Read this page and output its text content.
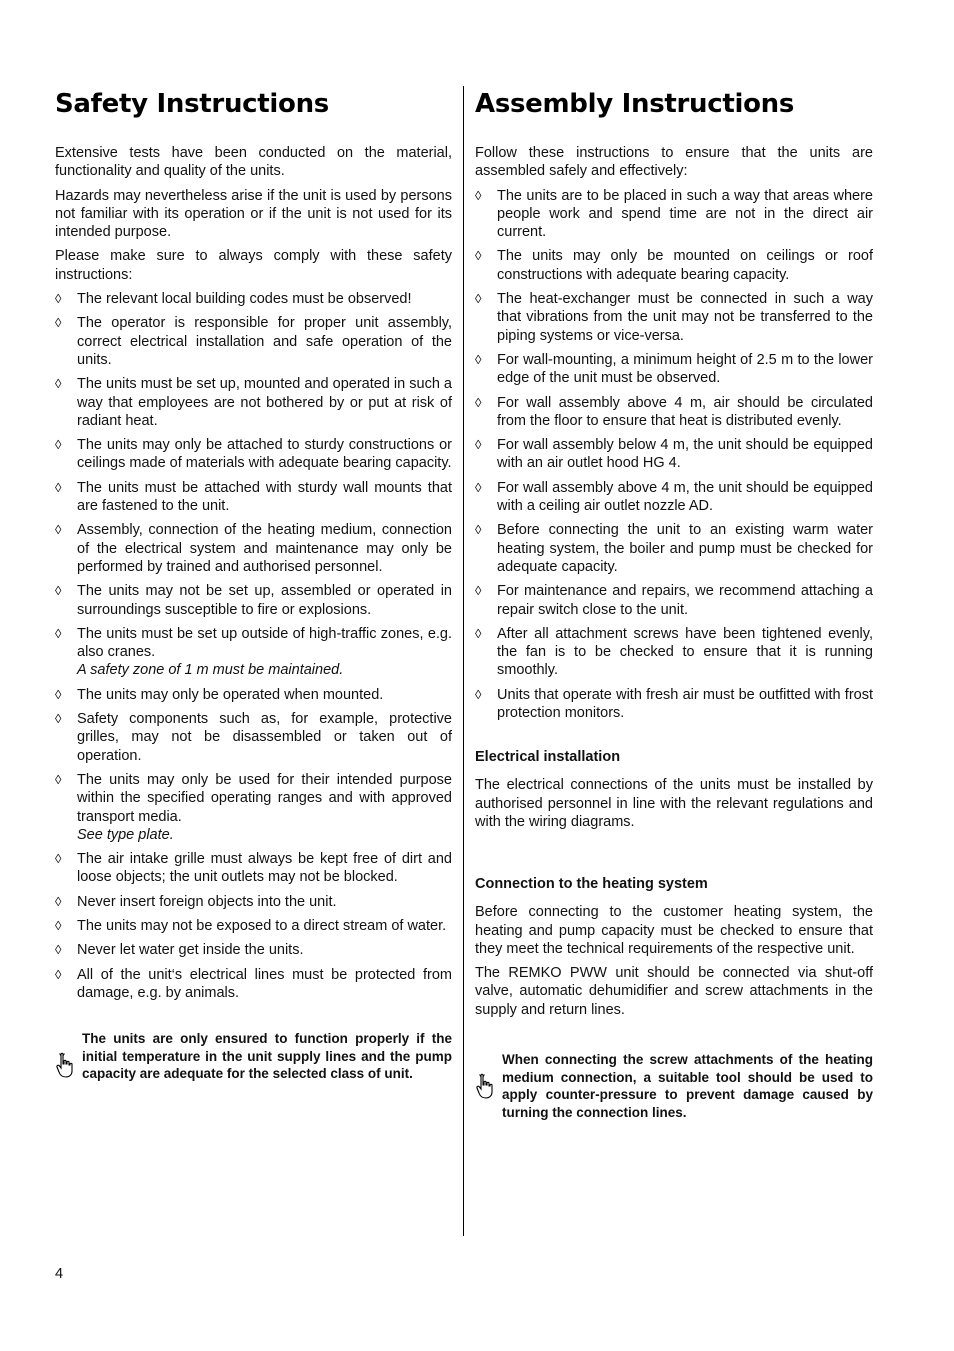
Safety Instructions

Extensive tests have been conducted on the material, functionality and quality of the units.

Hazards may nevertheless arise if the unit is used by persons not familiar with its operation or if the unit is not used for its intended purpose.

Please make sure to always comply with these safety instructions:

◊ The relevant local building codes must be observed!
◊ The operator is responsible for proper unit assembly, correct electrical installation and safe operation of the units.
◊ The units must be set up, mounted and operated in such a way that employees are not bothered by or put at risk of radiant heat.
◊ The units may only be attached to sturdy constructions or ceilings made of materials with adequate bearing capacity.
◊ The units must be attached with sturdy wall mounts that are fastened to the unit.
◊ Assembly, connection of the heating medium, connection of the electrical system and maintenance may only be performed by trained and authorised personnel.
◊ The units may not be set up, assembled or operated in surroundings susceptible to fire or explosions.
◊ The units must be set up outside of high-traffic zones, e.g. also cranes.
A safety zone of 1 m must be maintained.
◊ The units may only be operated when mounted.
◊ Safety components such as, for example, protective grilles, may not be disassembled or taken out of operation.
◊ The units may only be used for their intended purpose within the specified operating ranges and with approved transport media.
See type plate.
◊ The air intake grille must always be kept free of dirt and loose objects; the unit outlets may not be blocked.
◊ Never insert foreign objects into the unit.
◊ The units may not be exposed to a direct stream of water.
◊ Never let water get inside the units.
◊ All of the unit‘s electrical lines must be protected from damage, e.g. by animals.
The units are only ensured to function properly if the initial temperature in the unit supply lines and the pump capacity are adequate for the selected class of unit.
Assembly Instructions

Follow these instructions to ensure that the units are assembled safely and effectively:

◊ The units are to be placed in such a way that areas where people work and spend time are not in the direct air current.
◊ The units may only be mounted on ceilings or roof constructions with adequate bearing capacity.
◊ The heat-exchanger must be connected in such a way that vibrations from the unit may not be transferred to the piping systems or vice-versa.
◊ For wall-mounting, a minimum height of 2.5 m to the lower edge of the unit must be observed.
◊ For wall assembly above 4 m, air should be circulated from the floor to ensure that heat is distributed evenly.
◊ For wall assembly below 4 m, the unit should be equipped with an air outlet hood HG 4.
◊ For wall assembly above 4 m, the unit should be equipped with a ceiling air outlet nozzle AD.
◊ Before connecting the unit to an existing warm water heating system, the boiler and pump must be checked for adequate capacity.
◊ For maintenance and repairs, we recommend attaching a repair switch close to the unit.
◊ After all attachment screws have been tightened evenly, the fan is to be checked to ensure that it is running smoothly.
◊ Units that operate with fresh air must be outfitted with frost protection monitors.
Electrical installation

The electrical connections of the units must be installed by authorised personnel in line with the relevant regulations and with the wiring diagrams.

Connection to the heating system

Before connecting to the customer heating system, the heating and pump capacity must be checked to ensure that they meet the technical requirements of the respective unit.

The REMKO PWW unit should be connected via shut-off valve, automatic dehumidifier and screw attachments in the supply and return lines.

When connecting the screw attachments of the heating medium connection, a suitable tool should be used to apply counter-pressure to prevent damage caused by turning the connection lines.
4
